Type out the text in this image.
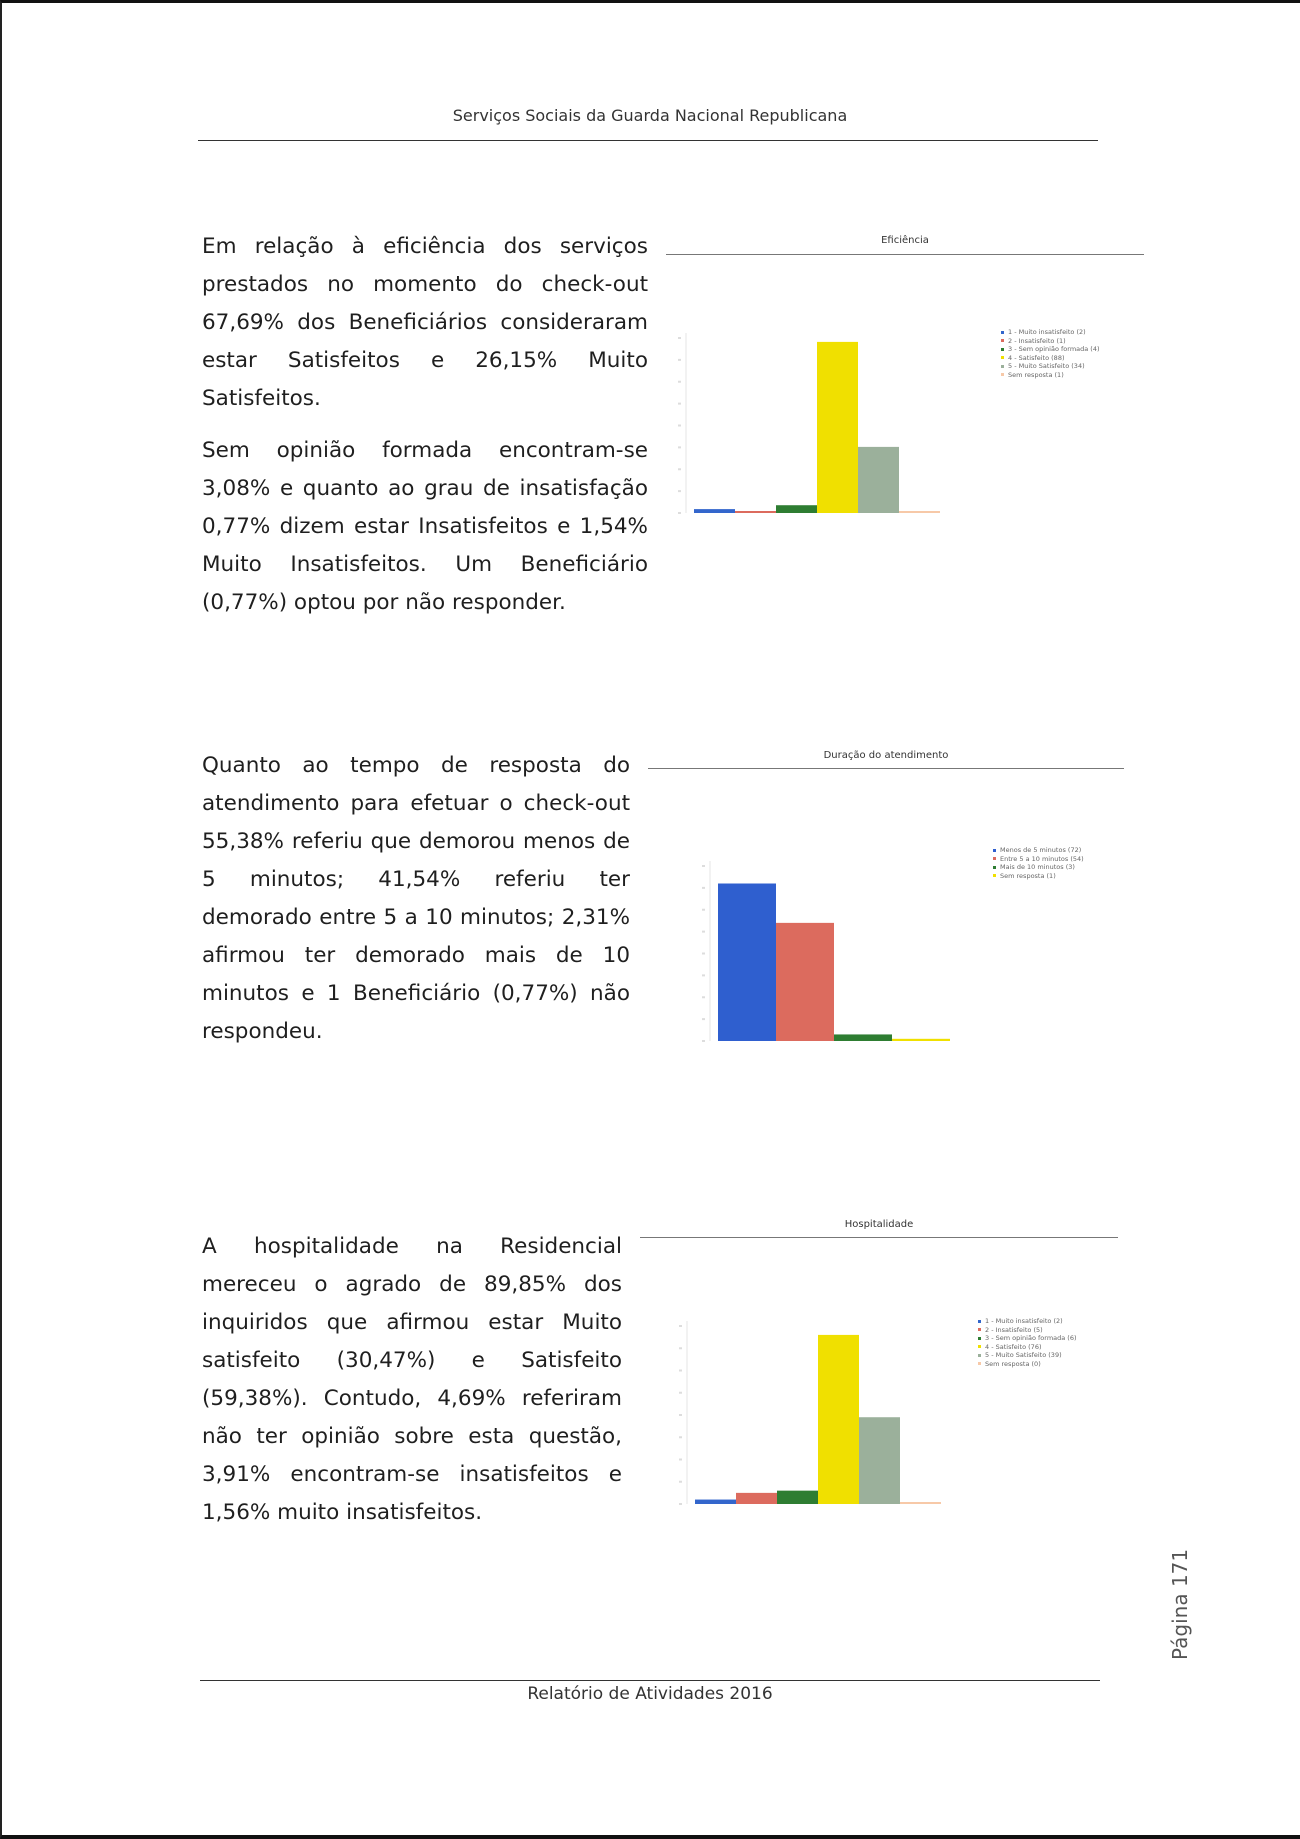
Serviços Sociais da Guarda Nacional Republicana

Em relação à eficiência dos serviços prestados no momento do check-out 67,69% dos Beneficiários consideraram estar Satisfeitos e 26,15% Muito Satisfeitos.

Sem opinião formada encontram-se 3,08% e quanto ao grau de insatisfação 0,77% dizem estar Insatisfeitos e 1,54% Muito Insatisfeitos. Um Beneficiário (0,77%) optou por não responder.

Eficiência
1 - Muito insatisfeito (2)
2 - Insatisfeito (1)
3 - Sem opinião formada (4)
4 - Satisfeito (88)
5 - Muito Satisfeito (34)
Sem resposta (1)

Quanto ao tempo de resposta do atendimento para efetuar o check-out 55,38% referiu que demorou menos de 5 minutos; 41,54% referiu ter demorado entre 5 a 10 minutos; 2,31% afirmou ter demorado mais de 10 minutos e 1 Beneficiário (0,77%) não respondeu.

Duração do atendimento
Menos de 5 minutos (72)
Entre 5 a 10 minutos (54)
Mais de 10 minutos (3)
Sem resposta (1)

A hospitalidade na Residencial mereceu o agrado de 89,85% dos inquiridos que afirmou estar Muito satisfeito (30,47%) e Satisfeito (59,38%). Contudo, 4,69% referiram não ter opinião sobre esta questão, 3,91% encontram-se insatisfeitos e 1,56% muito insatisfeitos.

Hospitalidade
1 - Muito insatisfeito (2)
2 - Insatisfeito (5)
3 - Sem opinião formada (6)
4 - Satisfeito (76)
5 - Muito Satisfeito (39)
Sem resposta (0)
Página 171
Relatório de Atividades 2016
